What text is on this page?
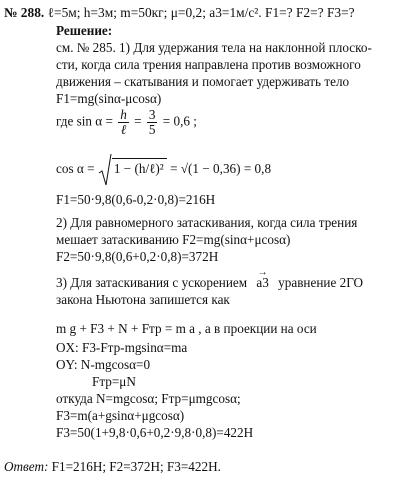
№ 288. ℓ=5м; h=3м; m=50кг; μ=0,2; a3=1м/с². F1=? F2=? F3=?
Решение:
см. № 285. 1) Для удержания тела на наклонной плоско-
сти, когда сила трения направлена против возможного
движения – скатывания и помогает удерживать тело
F1=mg(sinα-μcosα)
где $\sin \alpha = \frac{h}{\text{ℓ}} = \frac{3}{5} = 0,6$ ;
cos α = 1 − (h/ℓ)² = √(1 − 0,36) = 0,8
F1=50·9,8(0,6-0,2·0,8)=216Н
2) Для равномерного затаскивания, когда сила трения
мешает затаскиванию F2=mg(sinα+μcosα)
F2=50·9,8(0,6+0,2·0,8)=372Н
3) Для затаскивания с ускорением → a3 уравнение 2ГО
закона Ньютона запишется как
m g + F3 + N + Fтр = m a , а в проекции на оси
OX: F3-Fтр-mgsinα=ma
OY: N-mgcosα=0
Fтр=μN
откуда N=mgcosα; Fтр=μmgcosα;
F3=m(a+gsinα+μgcosα)
F3=50(1+9,8·0,6+0,2·9,8·0,8)=422Н
Ответ: F1=216Н; F2=372Н; F3=422Н.
